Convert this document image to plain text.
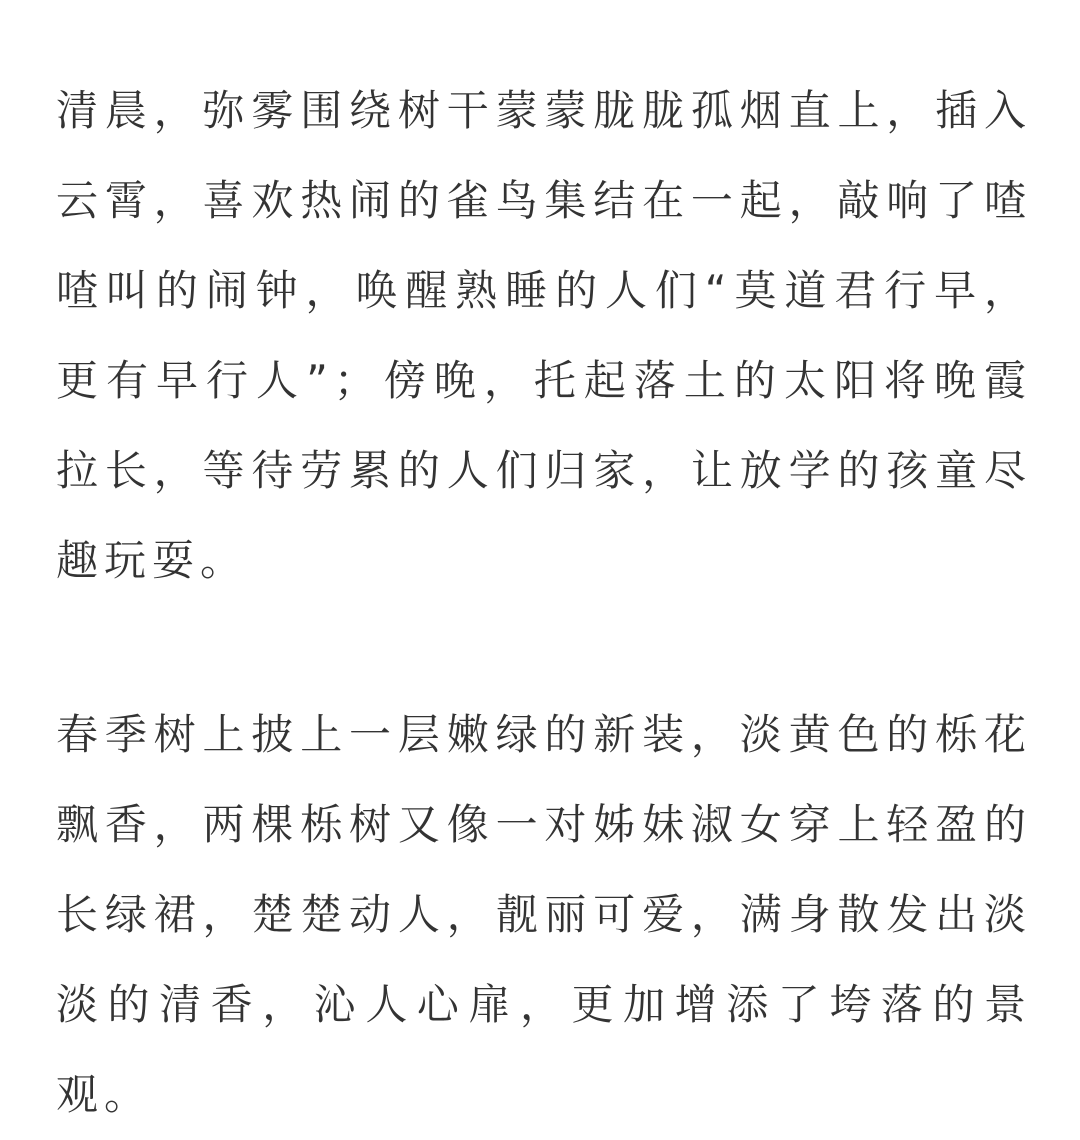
清晨，弥雾围绕树干蒙蒙胧胧孤烟直上，插入云霄，喜欢热闹的雀鸟集结在一起，敲响了喳喳叫的闹钟，唤醒熟睡的人们“莫道君行早，更有早行人”；傍晚，托起落土的太阳将晚霞拉长，等待劳累的人们归家，让放学的孩童尽趣玩耍。

春季树上披上一层嫩绿的新装，淡黄色的栎花飘香，两棵栎树又像一对姊妹淑女穿上轻盈的长绿裙，楚楚动人，靓丽可爱，满身散发出淡淡的清香，沁人心扉，更加增添了垮落的景观。
